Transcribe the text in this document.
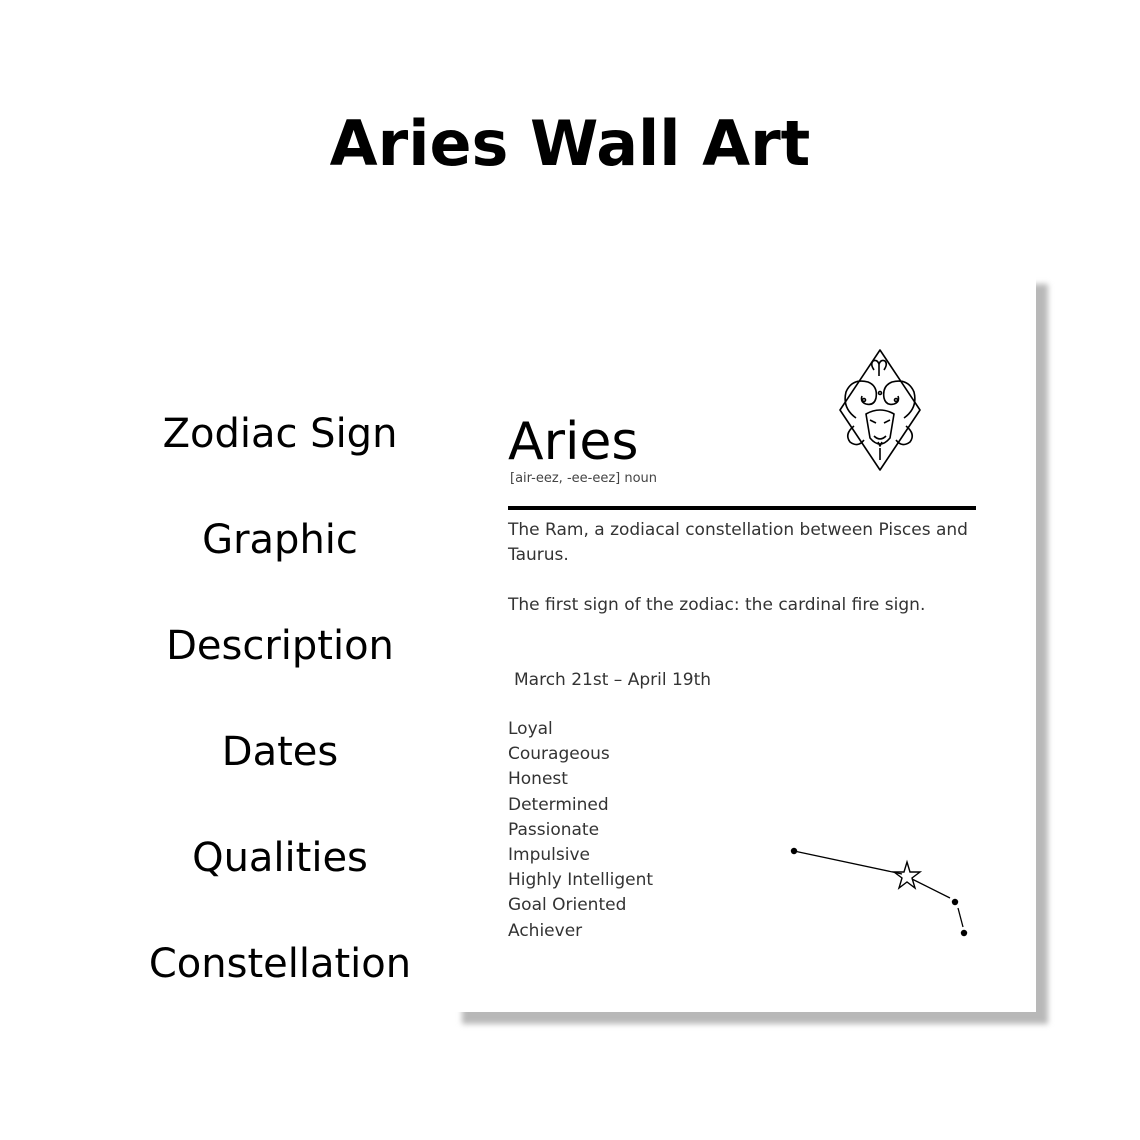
Aries Wall Art
Zodiac Sign
Graphic
Description
Dates
Qualities
Constellation
Aries
[air-eez, -ee-eez] noun
The Ram, a zodiacal constellation between Pisces and Taurus.
The first sign of the zodiac: the cardinal fire sign.
March 21st – April 19th
Loyal
Courageous
Honest
Determined
Passionate
Impulsive
Highly Intelligent
Goal Oriented
Achiever
